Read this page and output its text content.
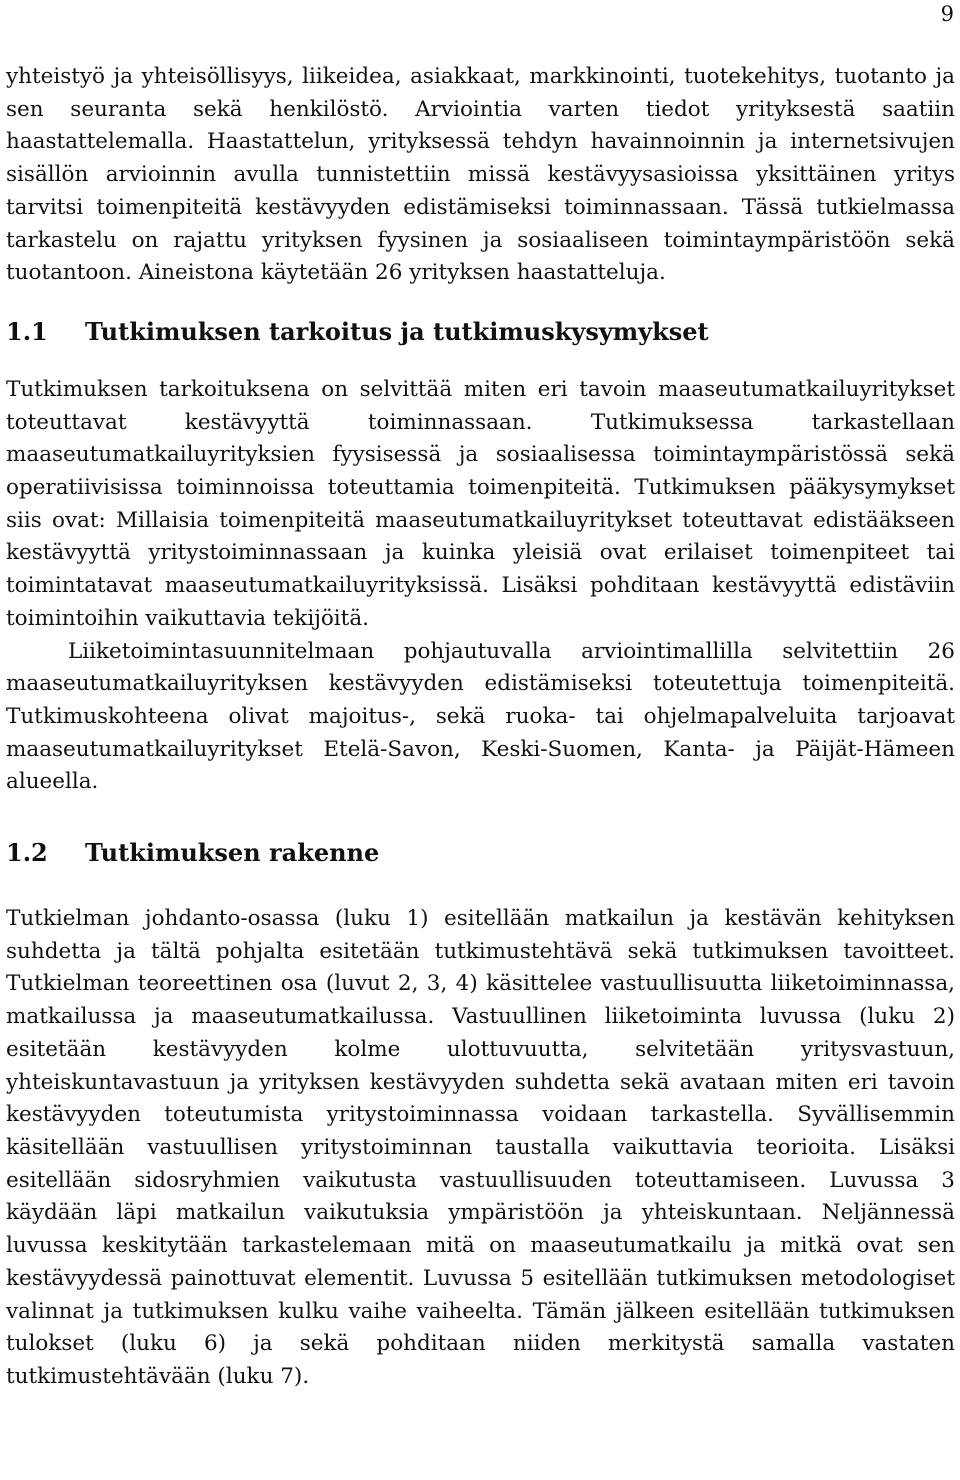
9

yhteistyö ja yhteisöllisyys, liikeidea, asiakkaat, markkinointi, tuotekehitys, tuotanto ja sen seuranta sekä henkilöstö. Arviointia varten tiedot yrityksestä saatiin haastattelemalla. Haastattelun, yrityksessä tehdyn havainnoinnin ja internetsivujen sisällön arvioinnin avulla tunnistettiin missä kestävyysasioissa yksittäinen yritys tarvitsi toimenpiteitä kestävyyden edistämiseksi toiminnassaan. Tässä tutkielmassa tarkastelu on rajattu yrityksen fyysinen ja sosiaaliseen toimintaympäristöön sekä tuotantoon. Aineistona käytetään 26 yrityksen haastatteluja.

1.1	Tutkimuksen tarkoitus ja tutkimuskysymykset

Tutkimuksen tarkoituksena on selvittää miten eri tavoin maaseutumatkailuyritykset toteuttavat kestävyyttä toiminnassaan. Tutkimuksessa tarkastellaan maaseutumatkailuyrityksien fyysisessä ja sosiaalisessa toimintaympäristössä sekä operatiivisissa toiminnoissa toteuttamia toimenpiteitä. Tutkimuksen pääkysymykset siis ovat: Millaisia toimenpiteitä maaseutumatkailuyritykset toteuttavat edistääkseen kestävyyttä yritystoiminnassaan ja kuinka yleisiä ovat erilaiset toimenpiteet tai toimintatavat maaseutumatkailuyrityksissä. Lisäksi pohditaan kestävyyttä edistäviin toimintoihin vaikuttavia tekijöitä.

Liiketoimintasuunnitelmaan pohjautuvalla arviointimallilla selvitettiin 26 maaseutumatkailuyrityksen kestävyyden edistämiseksi toteutettuja toimenpiteitä. Tutkimuskohteena olivat majoitus-, sekä ruoka- tai ohjelmapalveluita tarjoavat maaseutumatkailuyritykset Etelä-Savon, Keski-Suomen, Kanta- ja Päijät-Hämeen alueella.

1.2	Tutkimuksen rakenne

Tutkielman johdanto-osassa (luku 1) esitellään matkailun ja kestävän kehityksen suhdetta ja tältä pohjalta esitetään tutkimustehtävä sekä tutkimuksen tavoitteet. Tutkielman teoreettinen osa (luvut 2, 3, 4) käsittelee vastuullisuutta liiketoiminnassa, matkailussa ja maaseutumatkailussa. Vastuullinen liiketoiminta luvussa (luku 2) esitetään kestävyyden kolme ulottuvuutta, selvitetään yritysvastuun, yhteiskuntavastuun ja yrityksen kestävyyden suhdetta sekä avataan miten eri tavoin kestävyyden toteutumista yritystoiminnassa voidaan tarkastella. Syvällisemmin käsitellään vastuullisen yritystoiminnan taustalla vaikuttavia teorioita. Lisäksi esitellään sidosryhmien vaikutusta vastuullisuuden toteuttamiseen. Luvussa 3 käydään läpi matkailun vaikutuksia ympäristöön ja yhteiskuntaan. Neljännessä luvussa keskitytään tarkastelemaan mitä on maaseutumatkailu ja mitkä ovat sen kestävyydessä painottuvat elementit. Luvussa 5 esitellään tutkimuksen metodologiset valinnat ja tutkimuksen kulku vaihe vaiheelta. Tämän jälkeen esitellään tutkimuksen tulokset (luku 6) ja sekä pohditaan niiden merkitystä samalla vastaten tutkimustehtävään (luku 7).
